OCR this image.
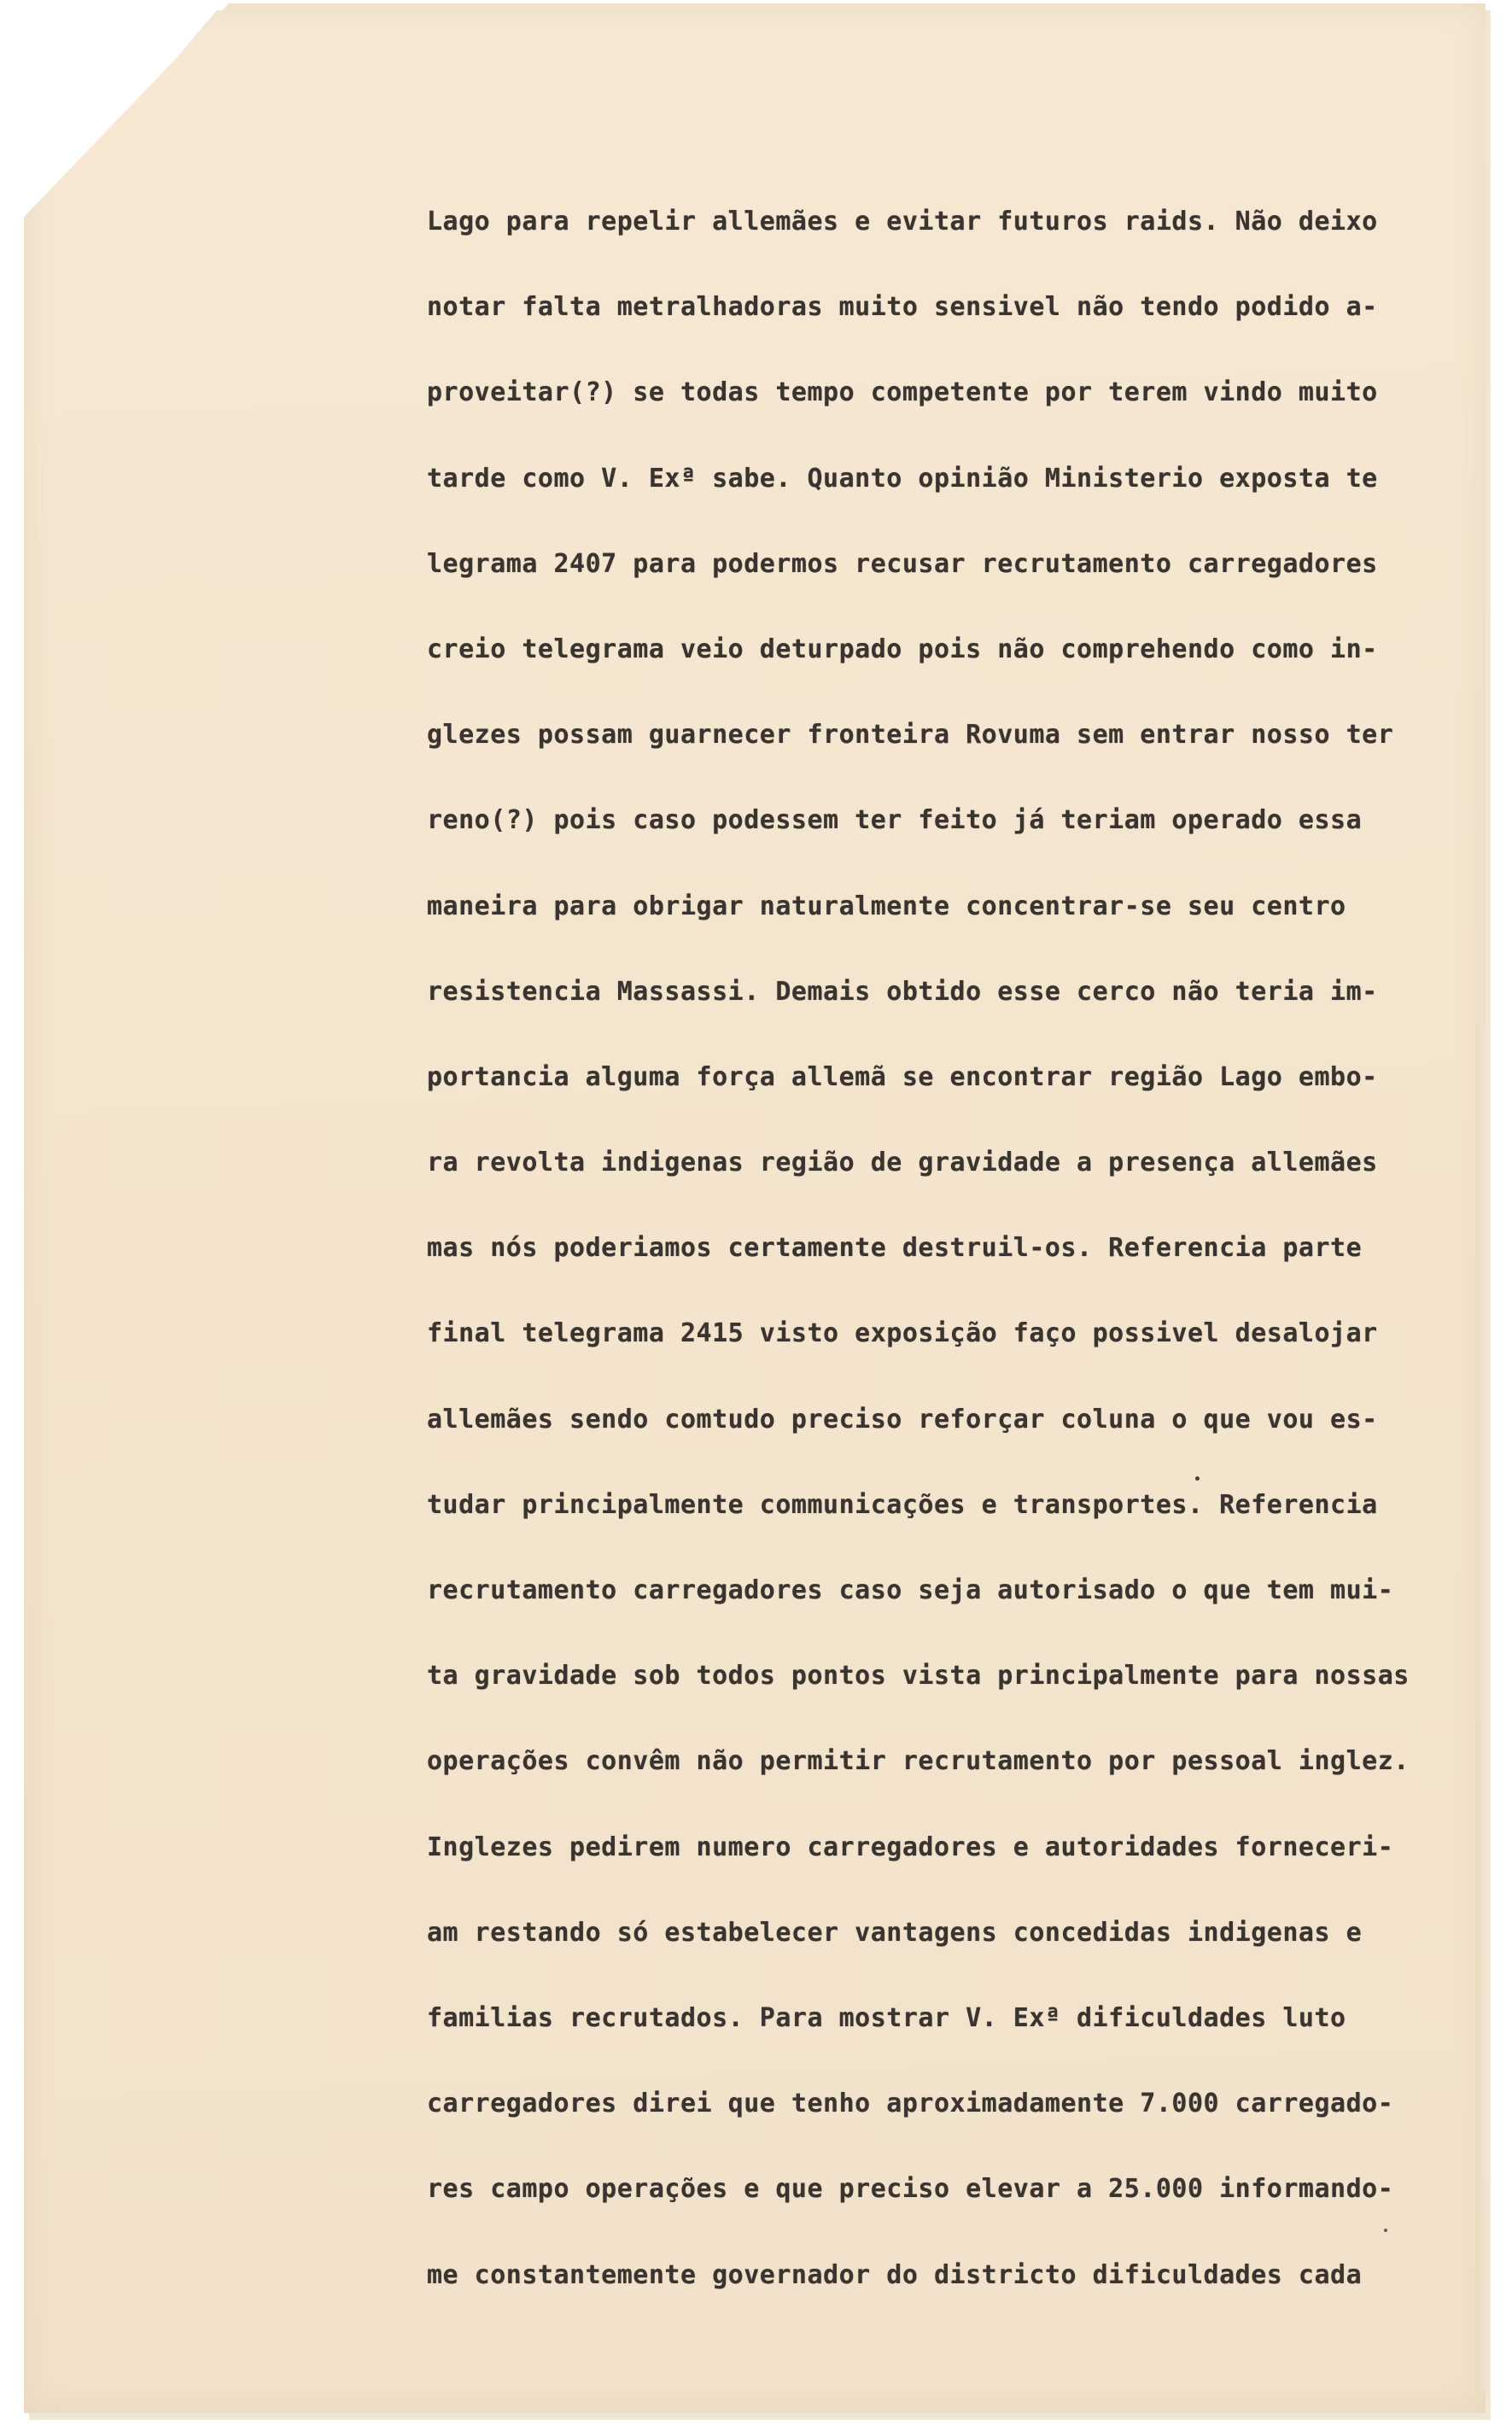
Lago para repelir allemães e evitar futuros raids. Não deixo
notar falta metralhadoras muito sensivel não tendo podido a-
proveitar(?) se todas tempo competente por terem vindo muito
tarde como V. Exª sabe. Quanto opinião Ministerio exposta te
legrama 2407 para podermos recusar recrutamento carregadores
creio telegrama veio deturpado pois não comprehendo como in-
glezes possam guarnecer fronteira Rovuma sem entrar nosso ter
reno(?) pois caso podessem ter feito já teriam operado essa
maneira para obrigar naturalmente concentrar-se seu centro
resistencia Massassi. Demais obtido esse cerco não teria im-
portancia alguma força allemã se encontrar região Lago embo-
ra revolta indigenas região de gravidade a presença allemães
mas nós poderiamos certamente destruil-os. Referencia parte
final telegrama 2415 visto exposição faço possivel desalojar
allemães sendo comtudo preciso reforçar coluna o que vou es-
tudar principalmente communicações e transportes. Referencia
recrutamento carregadores caso seja autorisado o que tem mui-
ta gravidade sob todos pontos vista principalmente para nossas
operações convêm não permitir recrutamento por pessoal inglez.
Inglezes pedirem numero carregadores e autoridades forneceri-
am restando só estabelecer vantagens concedidas indigenas e
familias recrutados. Para mostrar V. Exª dificuldades luto
carregadores direi que tenho aproximadamente 7.000 carregado-
res campo operações e que preciso elevar a 25.000 informando-
me constantemente governador do districto dificuldades cada
